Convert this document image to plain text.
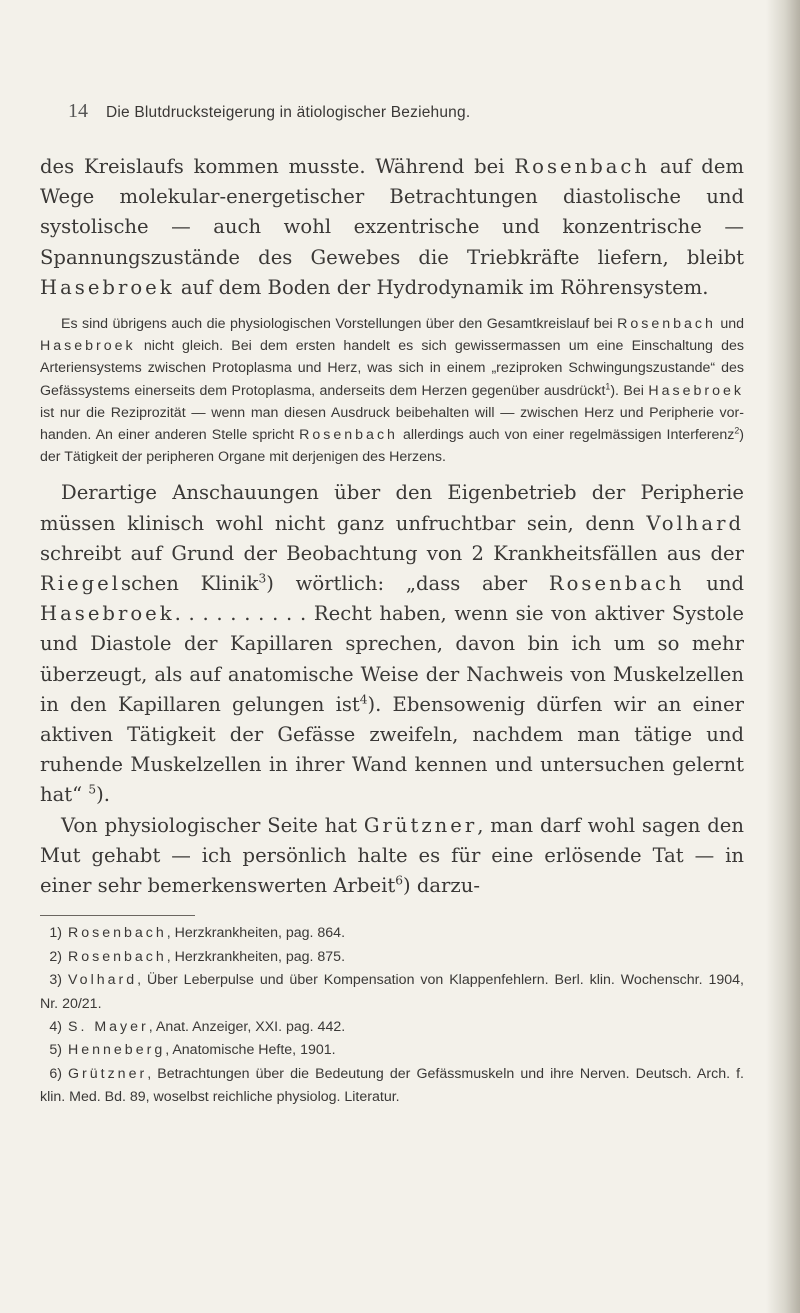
14 Die Blutdrucksteigerung in ätiologischer Beziehung.

des Kreislaufs kommen musste. Während bei Rosenbach auf dem Wege molekular-energetischer Betrachtungen diastolische und systolische — auch wohl exzentrische und konzentrische — Spannungszustände des Gewebes die Triebkräfte liefern, bleibt Hasebroek auf dem Boden der Hydrodynamik im Röhrensystem.

Es sind übrigens auch die physiologischen Vorstellungen über den Gesamtkreislauf bei Rosenbach und Hasebroek nicht gleich. Bei dem ersten handelt es sich gewissermassen um eine Einschaltung des Arteriensystems zwischen Protoplasma und Herz, was sich in einem „reziproken Schwingungszustande“ des Gefässystems einerseits dem Protoplasma, anderseits dem Herzen gegenüber ausdrückt$^1$). Bei Hasebroek ist nur die Reziprozität — wenn man diesen Ausdruck beibehalten will — zwischen Herz und Peripherie vorhanden. An einer anderen Stelle spricht Rosenbach allerdings auch von einer regelmässigen Interferenz$^2$) der Tätigkeit der peripheren Organe mit derjenigen des Herzens.

Derartige Anschauungen über den Eigenbetrieb der Peripherie müssen klinisch wohl nicht ganz unfruchtbar sein, denn Volhard schreibt auf Grund der Beobachtung von 2 Krankheitsfällen aus der Riegelschen Klinik$^3$) wörtlich: „dass aber Rosenbach und Hasebroek. . . . . . . . . . Recht haben, wenn sie von aktiver Systole und Diastole der Kapillaren sprechen, davon bin ich um so mehr überzeugt, als auf anatomische Weise der Nachweis von Muskelzellen in den Kapillaren gelungen ist$^4$). Ebensowenig dürfen wir an einer aktiven Tätigkeit der Gefässe zweifeln, nachdem man tätige und ruhende Muskelzellen in ihrer Wand kennen und untersuchen gelernt hat“ $^5$).

Von physiologischer Seite hat Grützner, man darf wohl sagen den Mut gehabt — ich persönlich halte es für eine erlösende Tat — in einer sehr bemerkenswerten Arbeit$^6$) darzu-

1) Rosenbach, Herzkrankheiten, pag. 864.

2) Rosenbach, Herzkrankheiten, pag. 875.

3) Volhard, Über Leberpulse und über Kompensation von Klappenfehlern. Berl. klin. Wochenschr. 1904, Nr. 20/21.

4) S. Mayer, Anat. Anzeiger, XXI. pag. 442.

5) Henneberg, Anatomische Hefte, 1901.

6) Grützner, Betrachtungen über die Bedeutung der Gefässmuskeln und ihre Nerven. Deutsch. Arch. f. klin. Med. Bd. 89, woselbst reichliche physiolog. Literatur.
